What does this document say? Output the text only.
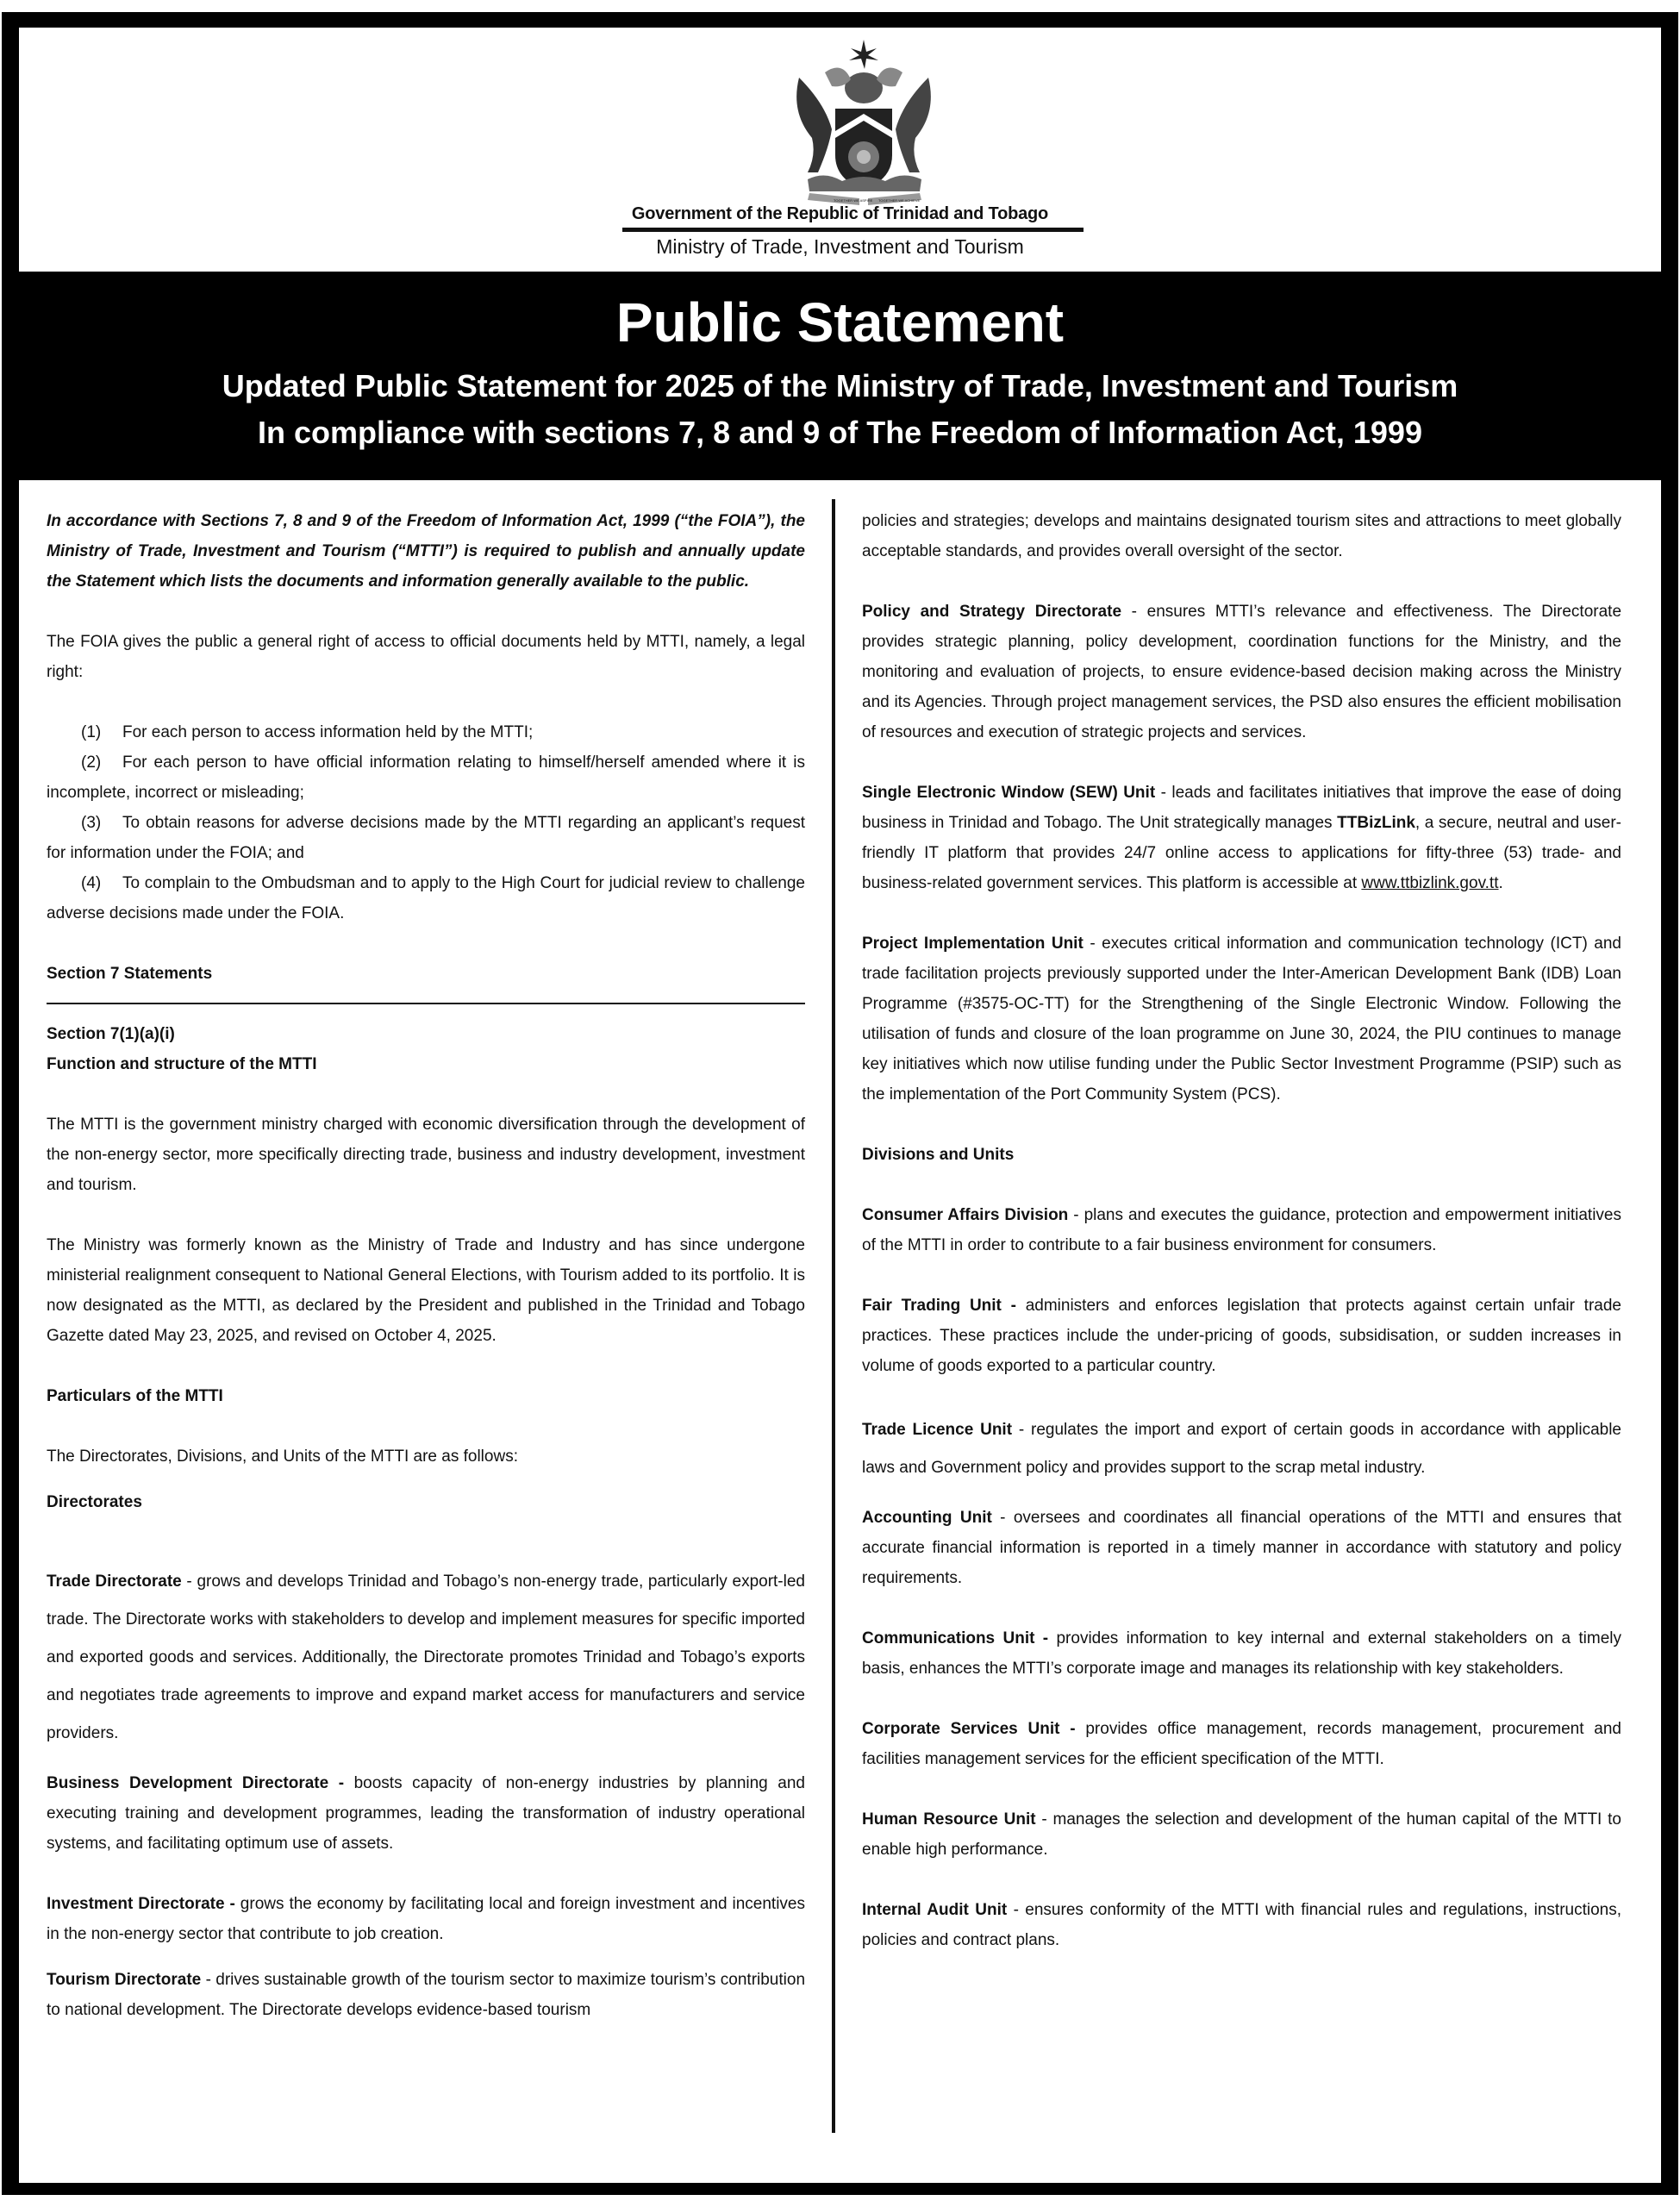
TOGETHER WE ASPIRE TOGETHER WE ACHIEVE
Government of the Republic of Trinidad and Tobago
Ministry of Trade, Investment and Tourism
Public Statement
Updated Public Statement for 2025 of the Ministry of Trade, Investment and Tourism
In compliance with sections 7, 8 and 9 of The Freedom of Information Act, 1999

In accordance with Sections 7, 8 and 9 of the Freedom of Information Act, 1999 (“the FOIA”), the Ministry of Trade, Investment and Tourism (“MTTI”) is required to publish and annually update the Statement which lists the documents and information generally available to the public.

The FOIA gives the public a general right of access to official documents held by MTTI, namely, a legal right:

(1) For each person to access information held by the MTTI;

(2) For each person to have official information relating to himself/herself amended where it is incomplete, incorrect or misleading;

(3) To obtain reasons for adverse decisions made by the MTTI regarding an applicant’s request for information under the FOIA; and

(4) To complain to the Ombudsman and to apply to the High Court for judicial review to challenge adverse decisions made under the FOIA.

Section 7 Statements

Section 7(1)(a)(i)

Function and structure of the MTTI

The MTTI is the government ministry charged with economic diversification through the development of the non-energy sector, more specifically directing trade, business and industry development, investment and tourism.

The Ministry was formerly known as the Ministry of Trade and Industry and has since undergone ministerial realignment consequent to National General Elections, with Tourism added to its portfolio. It is now designated as the MTTI, as declared by the President and published in the Trinidad and Tobago Gazette dated May 23, 2025, and revised on October 4, 2025.

Particulars of the MTTI

The Directorates, Divisions, and Units of the MTTI are as follows:

Directorates

Trade Directorate - grows and develops Trinidad and Tobago’s non-energy trade, particularly export-led trade. The Directorate works with stakeholders to develop and implement measures for specific imported and exported goods and services. Additionally, the Directorate promotes Trinidad and Tobago’s exports and negotiates trade agreements to improve and expand market access for manufacturers and service providers.

Business Development Directorate - boosts capacity of non-energy industries by planning and executing training and development programmes, leading the transformation of industry operational systems, and facilitating optimum use of assets.

Investment Directorate - grows the economy by facilitating local and foreign investment and incentives in the non-energy sector that contribute to job creation.

Tourism Directorate - drives sustainable growth of the tourism sector to maximize tourism’s contribution to national development. The Directorate develops evidence-based tourism

policies and strategies; develops and maintains designated tourism sites and attractions to meet globally acceptable standards, and provides overall oversight of the sector.

Policy and Strategy Directorate - ensures MTTI’s relevance and effectiveness. The Directorate provides strategic planning, policy development, coordination functions for the Ministry, and the monitoring and evaluation of projects, to ensure evidence-based decision making across the Ministry and its Agencies. Through project management services, the PSD also ensures the efficient mobilisation of resources and execution of strategic projects and services.

Single Electronic Window (SEW) Unit - leads and facilitates initiatives that improve the ease of doing business in Trinidad and Tobago. The Unit strategically manages TTBizLink, a secure, neutral and user-friendly IT platform that provides 24/7 online access to applications for fifty-three (53) trade- and business-related government services. This platform is accessible at www.ttbizlink.gov.tt.

Project Implementation Unit - executes critical information and communication technology (ICT) and trade facilitation projects previously supported under the Inter-American Development Bank (IDB) Loan Programme (#3575-OC-TT) for the Strengthening of the Single Electronic Window. Following the utilisation of funds and closure of the loan programme on June 30, 2024, the PIU continues to manage key initiatives which now utilise funding under the Public Sector Investment Programme (PSIP) such as the implementation of the Port Community System (PCS).

Divisions and Units

Consumer Affairs Division - plans and executes the guidance, protection and empowerment initiatives of the MTTI in order to contribute to a fair business environment for consumers.

Fair Trading Unit - administers and enforces legislation that protects against certain unfair trade practices. These practices include the under-pricing of goods, subsidisation, or sudden increases in volume of goods exported to a particular country.

Trade Licence Unit - regulates the import and export of certain goods in accordance with applicable laws and Government policy and provides support to the scrap metal industry.

Accounting Unit - oversees and coordinates all financial operations of the MTTI and ensures that accurate financial information is reported in a timely manner in accordance with statutory and policy requirements.

Communications Unit - provides information to key internal and external stakeholders on a timely basis, enhances the MTTI’s corporate image and manages its relationship with key stakeholders.

Corporate Services Unit - provides office management, records management, procurement and facilities management services for the efficient specification of the MTTI.

Human Resource Unit - manages the selection and development of the human capital of the MTTI to enable high performance.

Internal Audit Unit - ensures conformity of the MTTI with financial rules and regulations, instructions, policies and contract plans.
